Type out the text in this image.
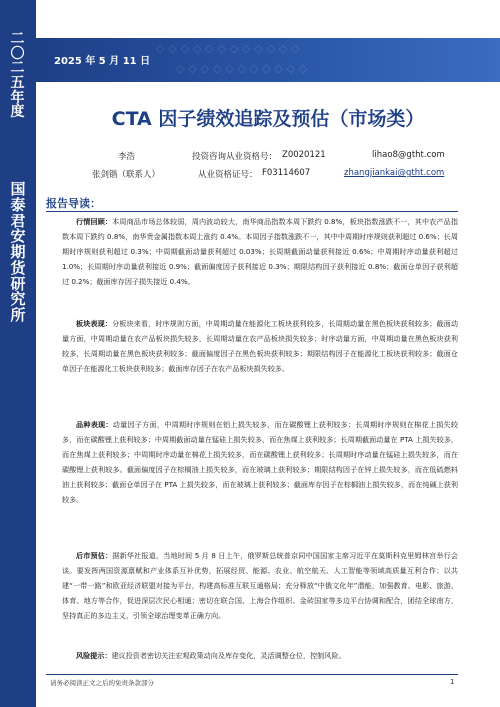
二
〇
二
五
年
度
国
泰
君
安
期
货
研
究
所
◇ ◇ ◇ ◇ ◇ ◇ ◇ ◇ ◇ ◇ ◇ ◇
◇ ◇ ◇ ◇ ◇ ◇ ◇ ◇ ◇ ◇ ◇
2025 年 5 月 11 日
CTA 因子绩效追踪及预估（市场类）
李浩	投资咨询从业资格号： Z0020121	lihao8@gtht.com
张剑锴（联系人）	从业资格证号： F03114607	zhangjiankai@gtht.com
报告导读：

行情回顾：本周商品市场总体较弱，周内波动较大，南华商品指数本周下跌约 0.8%，板块指数涨跌不一，其中农产品指数本周下跌约 0.8%，南华贵金属指数本周上涨约 0.4%。本周因子指数涨跌不一，其中中周期时序规则获利超过 0.6%；长周期时序规则获利超过 0.3%；中周期截面动量获利超过 0.03%；长周期截面动量获利接近 0.6%；中周期时序动量获利超过 1.0%；长周期时序动量获利接近 0.9%；截面偏度因子获利接近 0.3%；期限结构因子获利接近 0.8%；截面仓单因子获利超过 0.2%；截面库存因子损失接近 0.4%。

板块表现：分板块来看，时序规则方面，中周期动量在能源化工板块获利较多，长周期动量在黑色板块获利较多；截面动量方面，中周期动量在农产品板块损失较多，长周期动量在农产品板块损失较多；时序动量方面，中周期动量在黑色板块获利较多，长周期动量在黑色板块获利较多；截面偏度因子在黑色板块获利较多；期限结构因子在能源化工板块获利较多；截面仓单因子在能源化工板块获利较多；截面库存因子在农产品板块损失较多。

品种表现：动量因子方面，中周期时序规则在铝上损失较多，而在碳酸锂上获利较多；长周期时序规则在棉花上损失较多，而在碳酸锂上获利较多；中周期截面动量在锰硅上损失较多，而在焦煤上获利较多；长周期截面动量在 PTA 上损失较多，而在焦煤上获利较多；中周期时序动量在棉花上损失较多，而在碳酸锂上获利较多；长周期时序动量在锰硅上损失较多，而在碳酸锂上获利较多。截面偏度因子在棕榈油上损失较多，而在玻璃上获利较多；期限结构因子在锌上损失较多，而在低硫燃料油上获利较多；截面仓单因子在 PTA 上损失较多，而在玻璃上获利较多；截面库存因子在棕榈油上损失较多，而在纯碱上获利较多。

后市预估：据新华社报道，当地时间 5 月 8 日上午，俄罗斯总统普京同中国国家主席习近平在莫斯科克里姆林宫举行会谈。要发挥两国资源禀赋和产业体系互补优势，拓展经贸、能源、农业、航空航天、人工智能等领域高质量互利合作；以共建“一带一路”和欧亚经济联盟对接为平台，构建高标准互联互通格局；充分释放“中俄文化年”潜能，加强教育、电影、旅游、体育、地方等合作，促进深层次民心相通；密切在联合国、上海合作组织、金砖国家等多边平台协调和配合，团结全球南方，坚持真正的多边主义，引领全球治理变革正确方向。

风险提示：建议投资者密切关注宏观政策动向及库存变化，灵活调整仓位，控制风险。

请务必阅读正文之后的免责条款部分	1
